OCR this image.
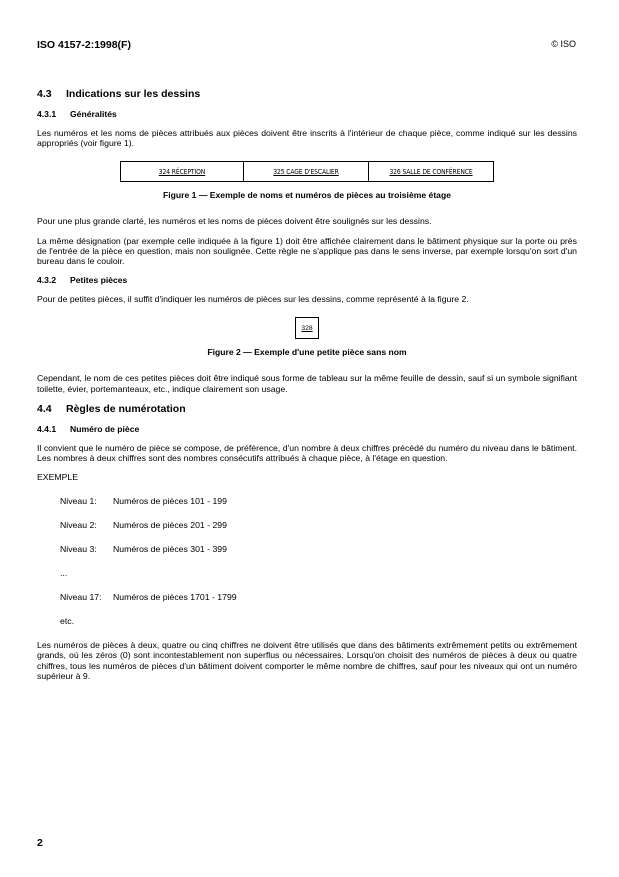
ISO 4157-2:1998(F)	© ISO
4.3 Indications sur les dessins
4.3.1 Généralités

Les numéros et les noms de pièces attribués aux pièces doivent être inscrits à l'intérieur de chaque pièce, comme indiqué sur les dessins appropriés (voir figure 1).

324 RÉCEPTION	325 CAGE D'ESCALIER	326 SALLE DE CONFÉRENCE
Figure 1 — Exemple de noms et numéros de pièces au troisième étage

Pour une plus grande clarté, les numéros et les noms de pièces doivent être soulignés sur les dessins.

La même désignation (par exemple celle indiquée à la figure 1) doit être affichée clairement dans le bâtiment physique sur la porte ou près de l'entrée de la pièce en question, mais non soulignée. Cette règle ne s'applique pas dans le sens inverse, par exemple lorsqu'on sort d'un bureau dans le couloir.

4.3.2 Petites pièces

Pour de petites pièces, il suffit d'indiquer les numéros de pièces sur les dessins, comme représenté à la figure 2.

328
Figure 2 — Exemple d'une petite pièce sans nom

Cependant, le nom de ces petites pièces doit être indiqué sous forme de tableau sur la même feuille de dessin, sauf si un symbole signifiant toilette, évier, portemanteaux, etc., indique clairement son usage.

4.4 Règles de numérotation
4.4.1 Numéro de pièce

Il convient que le numéro de pièce se compose, de préférence, d'un nombre à deux chiffres précédé du numéro du niveau dans le bâtiment. Les nombres à deux chiffres sont des nombres consécutifs attribués à chaque pièce, à l'étage en question.

EXEMPLE
Niveau 1:	Numéros de pièces 101 - 199
Niveau 2:	Numéros de pièces 201 - 299
Niveau 3:	Numéros de pièces 301 - 399
...
Niveau 17:	Numéros de pièces 1701 - 1799
etc.

Les numéros de pièces à deux, quatre ou cinq chiffres ne doivent être utilisés que dans des bâtiments extrêmement petits ou extrêmement grands, où les zéros (0) sont incontestablement non superflus ou nécessaires. Lorsqu'on choisit des numéros de pièces à deux ou quatre chiffres, tous les numéros de pièces d'un bâtiment doivent comporter le même nombre de chiffres, sauf pour les niveaux qui ont un numéro supérieur à 9.

2
